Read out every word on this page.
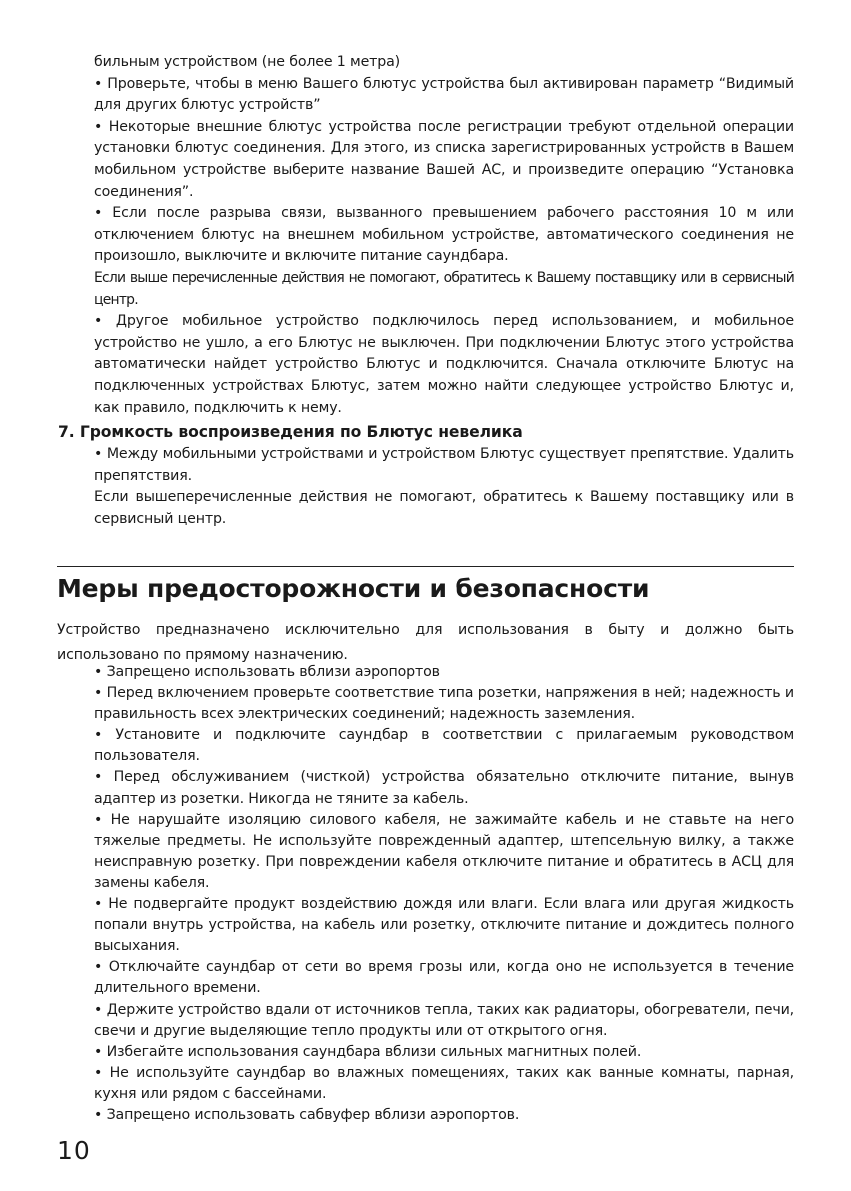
бильным устройством (не более 1 метра)

• Проверьте, чтобы в меню Вашего блютус устройства был активирован параметр “Видимый для других блютус устройств”

• Некоторые внешние блютус устройства после регистрации требуют отдельной операции установки блютус соединения. Для этого, из списка зарегистрированных устройств в Вашем мобильном устройстве выберите название Вашей АС, и произведите операцию “Установка соединения”.

• Если после разрыва связи, вызванного превышением рабочего расстояния 10 м или отключением блютус на внешнем мобильном устройстве, автоматического соединения не произошло, выключите и включите питание саундбара.

Если выше перечисленные действия не помогают, обратитесь к Вашему поставщику или в сервисный центр.

• Другое мобильное устройство подключилось перед использованием, и мобильное устройство не ушло, а его Блютус не выключен. При подключении Блютус этого устройства автоматически найдет устройство Блютус и подключится. Сначала отключите Блютус на подключенных устройствах Блютус, затем можно найти следующее устройство Блютус и, как правило, подключить к нему.

7. Громкость воспроизведения по Блютус невелика

• Между мобильными устройствами и устройством Блютус существует препятствие. Удалить препятствия.

Если вышеперечисленные действия не помогают, обратитесь к Вашему поставщику или в сервисный центр.

Меры предосторожности и безопасности
Устройство предназначено исключительно для использования в быту и должно быть использовано по прямому назначению.

• Запрещено использовать вблизи аэропортов

• Перед включением проверьте соответствие типа розетки, напряжения в ней; надежность и правильность всех электрических соединений; надежность заземления.

• Установите и подключите саундбар в соответствии с прилагаемым руководством пользователя.

• Перед обслуживанием (чисткой) устройства обязательно отключите питание, вынув адаптер из розетки. Никогда не тяните за кабель.

• Не нарушайте изоляцию силового кабеля, не зажимайте кабель и не ставьте на него тяжелые предметы. Не используйте поврежденный адаптер, штепсельную вилку, а также неисправную розетку. При повреждении кабеля отключите питание и обратитесь в АСЦ для замены кабеля.

• Не подвергайте продукт воздействию дождя или влаги. Если влага или другая жидкость попали внутрь устройства, на кабель или розетку, отключите питание и дождитесь полного высыхания.

• Отключайте саундбар от сети во время грозы или, когда оно не используется в течение длительного времени.

• Держите устройство вдали от источников тепла, таких как радиаторы, обогреватели, печи, свечи и другие выделяющие тепло продукты или от открытого огня.

• Избегайте использования саундбара вблизи сильных магнитных полей.

• Не используйте саундбар во влажных помещениях, таких как ванные комнаты, парная, кухня или рядом с бассейнами.

• Запрещено использовать сабвуфер вблизи аэропортов.

10
